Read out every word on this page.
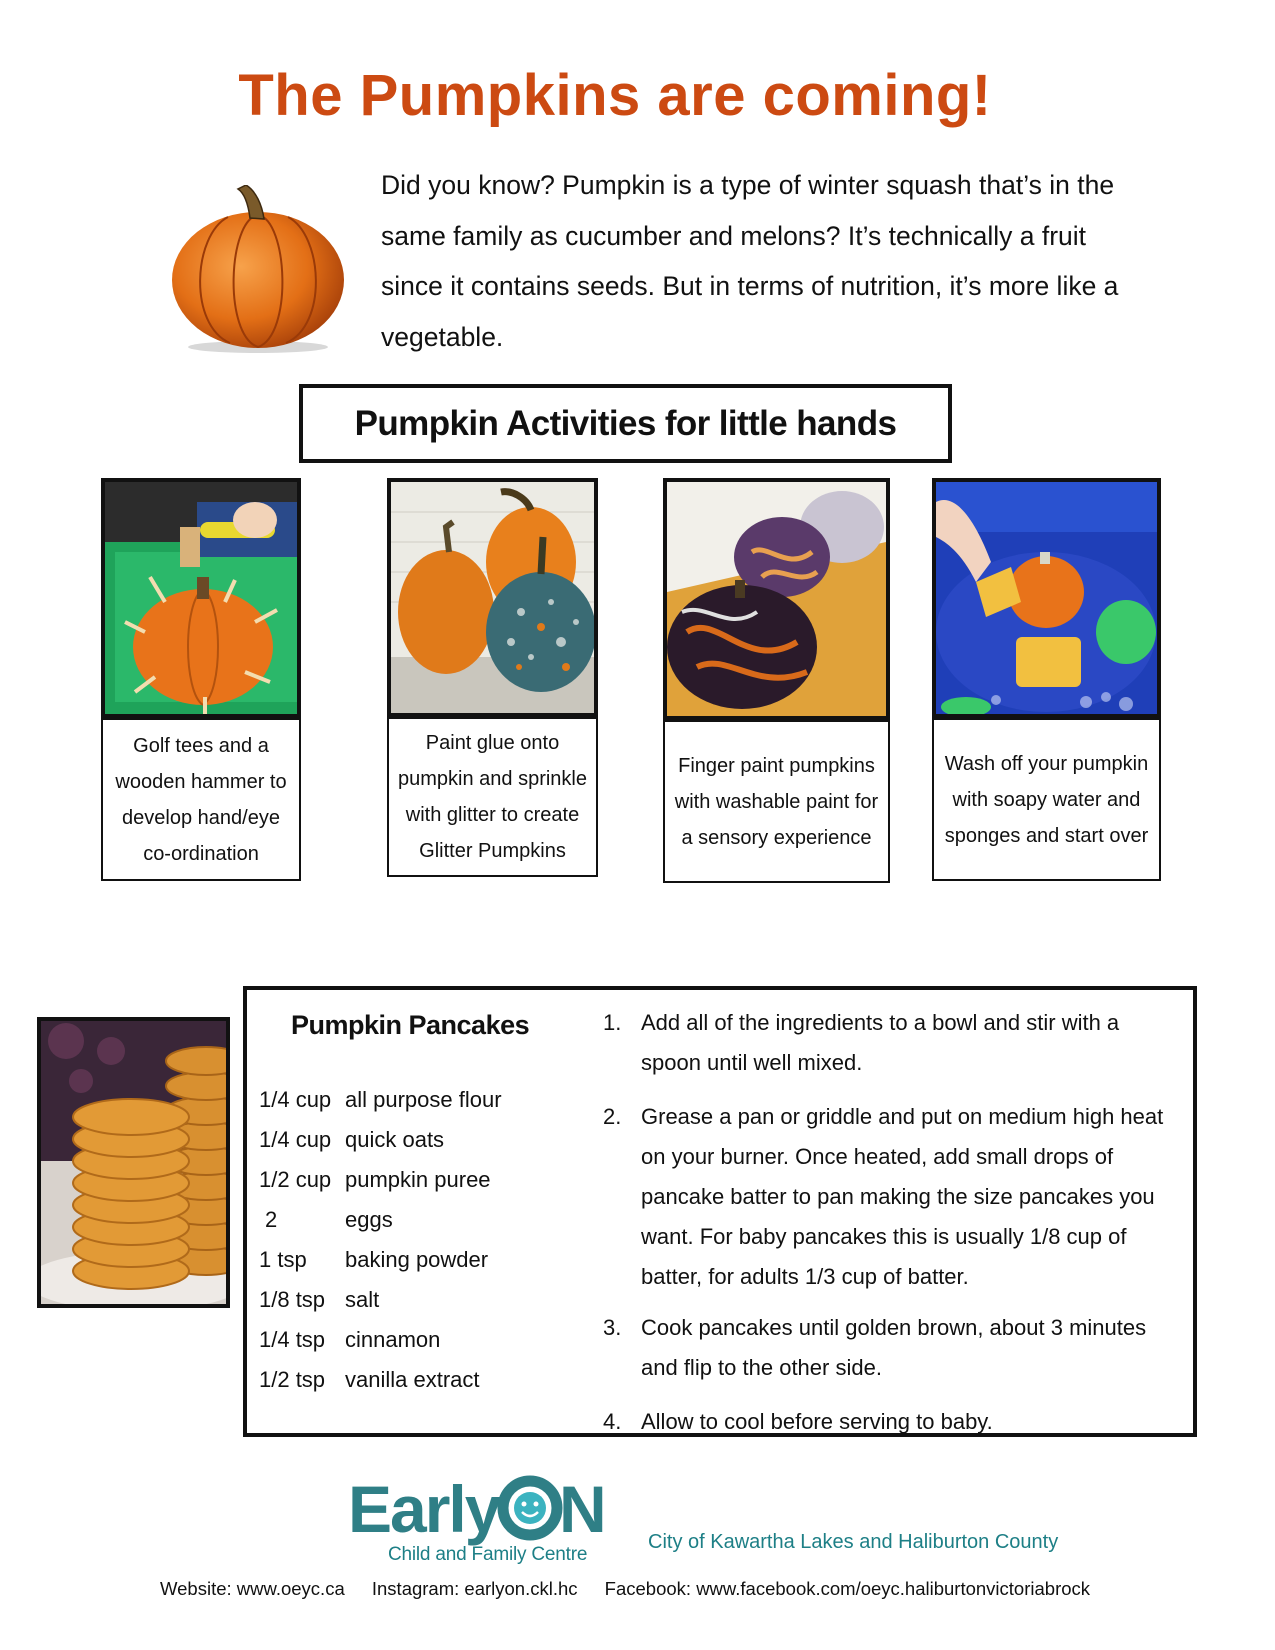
The Pumpkins are coming!
Did you know? Pumpkin is a type of winter squash that’s in the same family as cucumber and melons? It’s technically a fruit since it contains seeds. But in terms of nutrition, it’s more like a vegetable.
Pumpkin Activities for little hands
Golf tees and a wooden hammer to develop hand/eye co-ordination
Paint glue onto pumpkin and sprinkle with glitter to create Glitter Pumpkins
Finger paint pumpkins with washable paint for a sensory experience
Wash off your pumpkin with soapy water and sponges and start over
Pumpkin Pancakes
1/4 cup all purpose flour
1/4 cup quick oats
1/2 cup pumpkin puree
2	eggs
1 tsp baking powder
1/8 tsp salt
1/4 tsp cinnamon
1/2 tsp vanilla extract
1. Add all of the ingredients to a bowl and stir with a spoon until well mixed.
2. Grease a pan or griddle and put on medium high heat on your burner. Once heated, add small drops of pancake batter to pan making the size pancakes you want. For baby pancakes this is usually 1/8 cup of batter, for adults 1/3 cup of batter.
3. Cook pancakes until golden brown, about 3 minutes and flip to the other side.
4. Allow to cool before serving to baby.
Early N
Child and Family Centre
City of Kawartha Lakes and Haliburton County
Website: www.oeyc.ca Instagram: earlyon.ckl.hc Facebook: www.facebook.com/oeyc.haliburtonvictoriabrock
